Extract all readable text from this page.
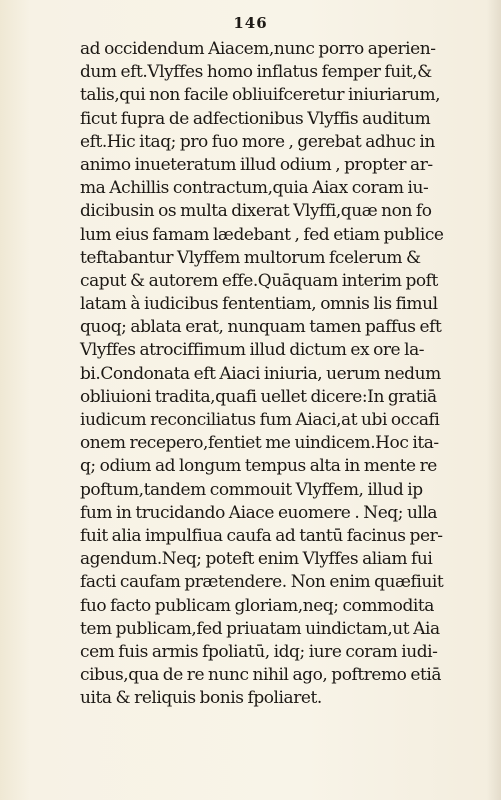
146
ad occidendum Aiacem,nunc porro aperien-
dum eft.Vlyffes homo inflatus femper fuit,&
talis,qui non facile obliuifceretur iniuriarum,
ficut fupra de adfectionibus Vlyffis auditum
eft.Hic itaq; pro fuo more , gerebat adhuc in
animo inueteratum illud odium , propter ar-
ma Achillis contractum,quia Aiax coram iu-
dicibusin os multa dixerat Vlyffi,quæ non fo
lum eius famam lædebant , fed etiam publice
teftabantur Vlyffem multorum fcelerum &
caput & autorem effe.Quāquam interim poft
latam à iudicibus fententiam, omnis lis fimul
quoq; ablata erat, nunquam tamen paffus eft
Vlyffes atrociffimum illud dictum ex ore la-
bi.Condonata eft Aiaci iniuria, uerum nedum
obliuioni tradita,quafi uellet dicere:In gratiā
iudicum reconciliatus fum Aiaci,at ubi occafi
onem recepero,fentiet me uindicem.Hoc ita-
q; odium ad longum tempus alta in mente re
poftum,tandem commouit Vlyffem, illud ip
fum in trucidando Aiace euomere . Neq; ulla
fuit alia impulfiua caufa ad tantū facinus per-
agendum.Neq; poteft enim Vlyffes aliam fui
facti caufam prætendere. Non enim quæfiuit
fuo facto publicam gloriam,neq; commodita
tem publicam,fed priuatam uindictam,ut Aia
cem fuis armis fpoliatū, idq; iure coram iudi-
cibus,qua de re nunc nihil ago, poftremo etiā
uita & reliquis bonis fpoliaret.
